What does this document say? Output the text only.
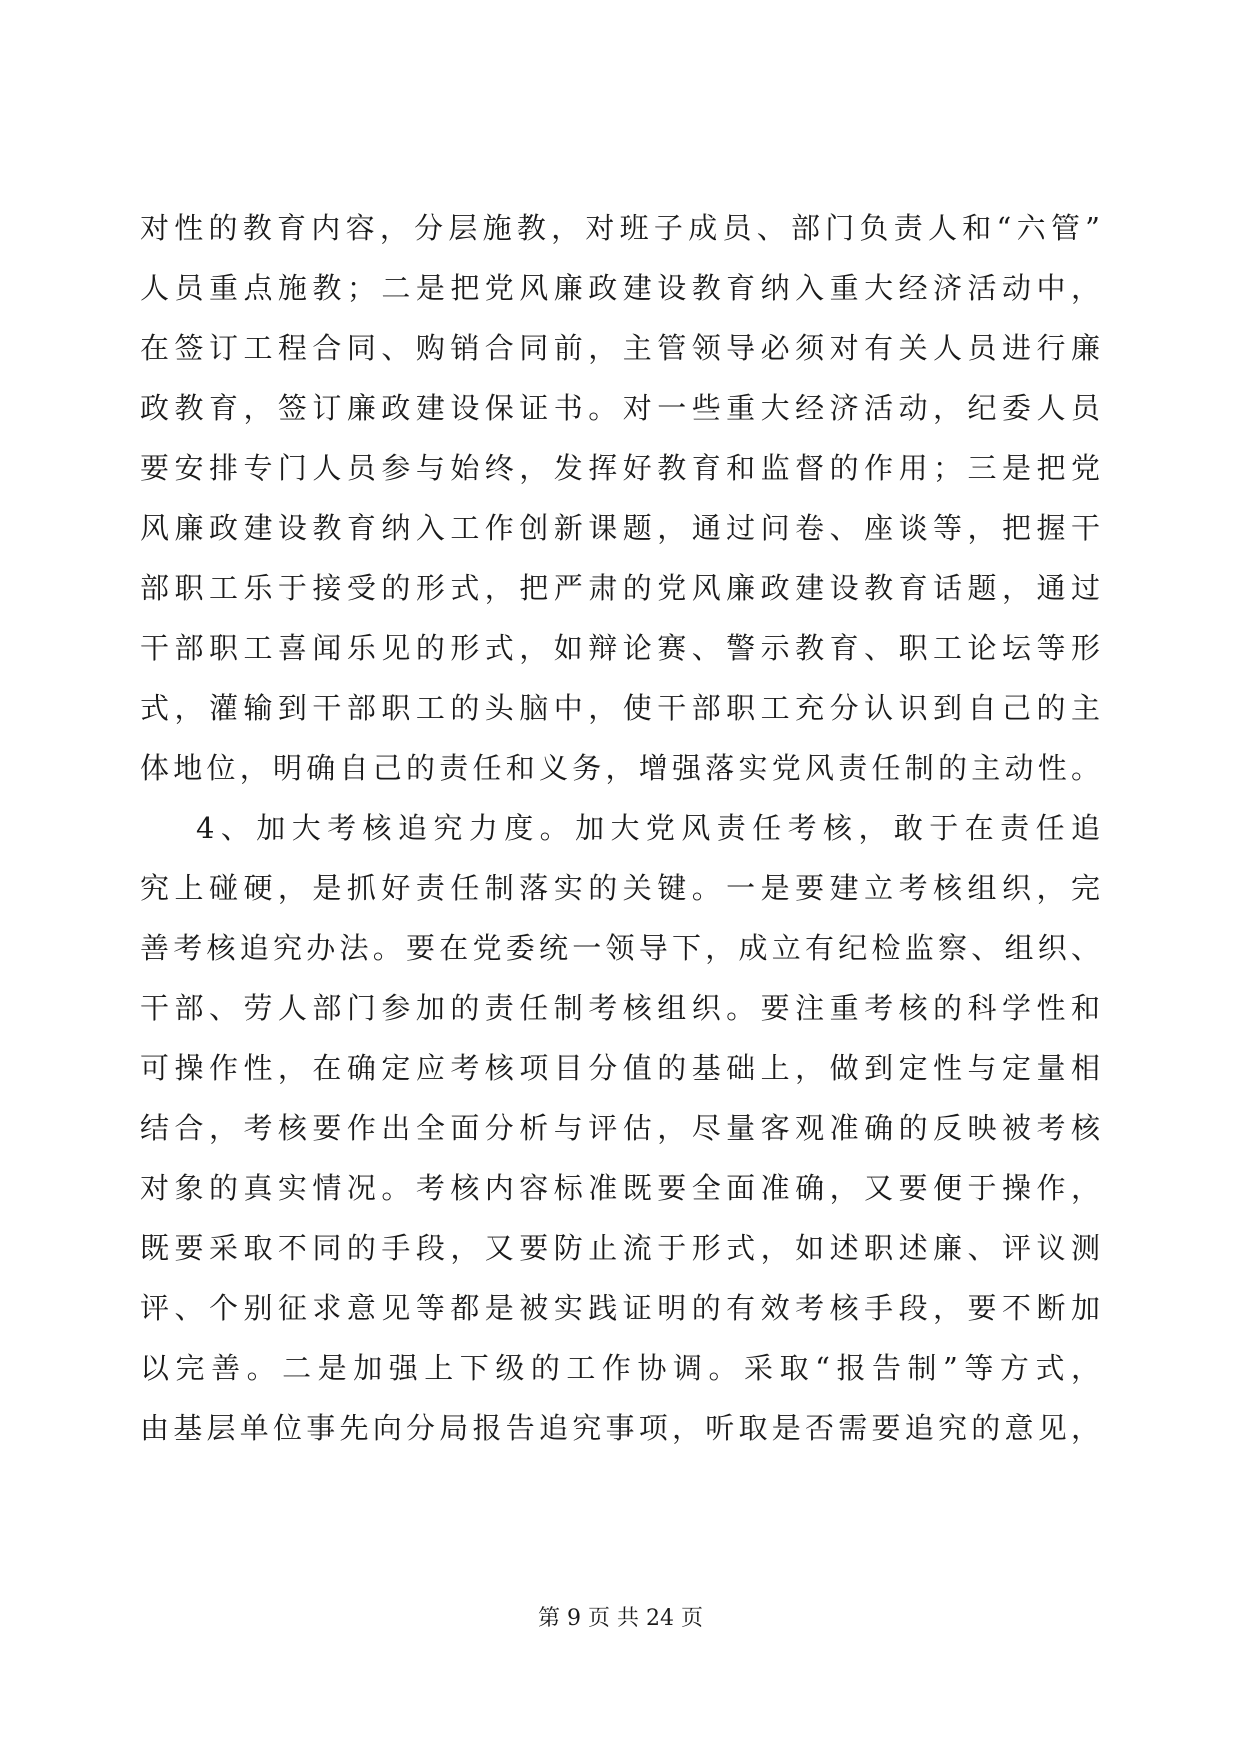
对性的教育内容，分层施教，对班子成员、部门负责人和“六管”
人员重点施教；二是把党风廉政建设教育纳入重大经济活动中，
在签订工程合同、购销合同前，主管领导必须对有关人员进行廉
政教育，签订廉政建设保证书。对一些重大经济活动，纪委人员
要安排专门人员参与始终，发挥好教育和监督的作用；三是把党
风廉政建设教育纳入工作创新课题，通过问卷、座谈等，把握干
部职工乐于接受的形式，把严肃的党风廉政建设教育话题，通过
干部职工喜闻乐见的形式，如辩论赛、警示教育、职工论坛等形
式，灌输到干部职工的头脑中，使干部职工充分认识到自己的主
体地位，明确自己的责任和义务，增强落实党风责任制的主动性。
4、加大考核追究力度。加大党风责任考核，敢于在责任追
究上碰硬，是抓好责任制落实的关键。一是要建立考核组织，完
善考核追究办法。要在党委统一领导下，成立有纪检监察、组织、
干部、劳人部门参加的责任制考核组织。要注重考核的科学性和
可操作性，在确定应考核项目分值的基础上，做到定性与定量相
结合，考核要作出全面分析与评估，尽量客观准确的反映被考核
对象的真实情况。考核内容标准既要全面准确，又要便于操作，
既要采取不同的手段，又要防止流于形式，如述职述廉、评议测
评、个别征求意见等都是被实践证明的有效考核手段，要不断加
以完善。二是加强上下级的工作协调。采取“报告制”等方式，
由基层单位事先向分局报告追究事项，听取是否需要追究的意见，
第 9 页 共 24 页
